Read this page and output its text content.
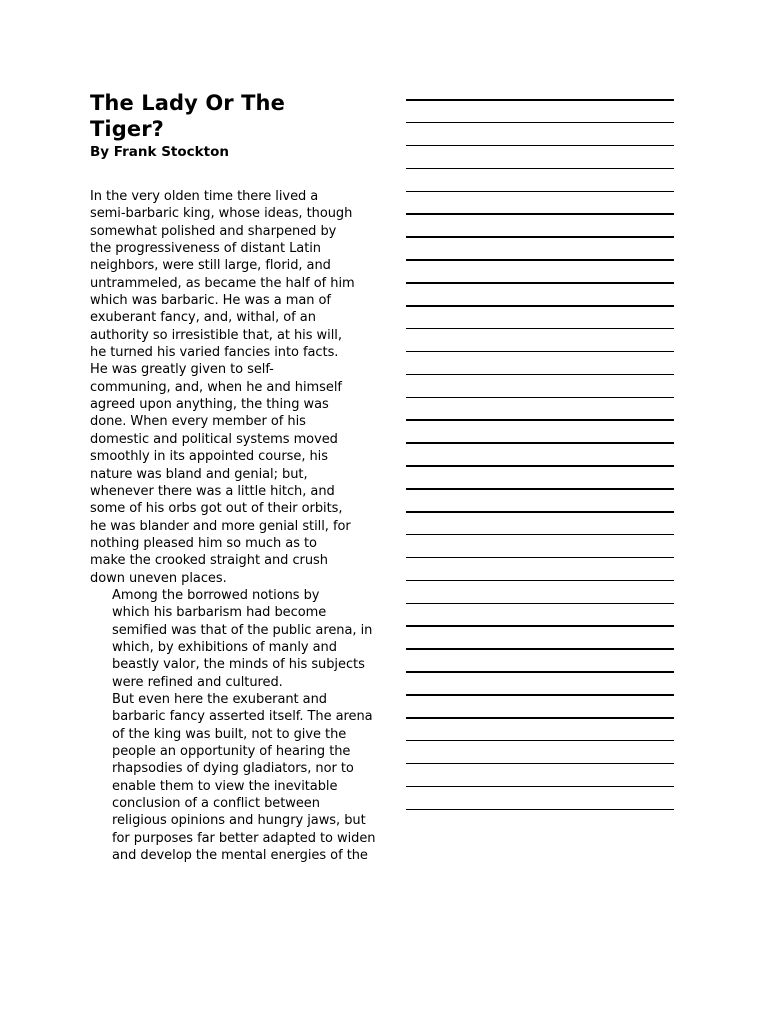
The Lady Or The Tiger?
By Frank Stockton

In the very olden time there lived a
semi-barbaric king, whose ideas, though
somewhat polished and sharpened by
the progressiveness of distant Latin
neighbors, were still large, florid, and
untrammeled, as became the half of him
which was barbaric. He was a man of
exuberant fancy, and, withal, of an
authority so irresistible that, at his will,
he turned his varied fancies into facts.
He was greatly given to self-
communing, and, when he and himself
agreed upon anything, the thing was
done. When every member of his
domestic and political systems moved
smoothly in its appointed course, his
nature was bland and genial; but,
whenever there was a little hitch, and
some of his orbs got out of their orbits,
he was blander and more genial still, for
nothing pleased him so much as to
make the crooked straight and crush
down uneven places.

Among the borrowed notions by
which his barbarism had become
semified was that of the public arena, in
which, by exhibitions of manly and
beastly valor, the minds of his subjects
were refined and cultured.

But even here the exuberant and
barbaric fancy asserted itself. The arena
of the king was built, not to give the
people an opportunity of hearing the
rhapsodies of dying gladiators, nor to
enable them to view the inevitable
conclusion of a conflict between
religious opinions and hungry jaws, but
for purposes far better adapted to widen
and develop the mental energies of the
